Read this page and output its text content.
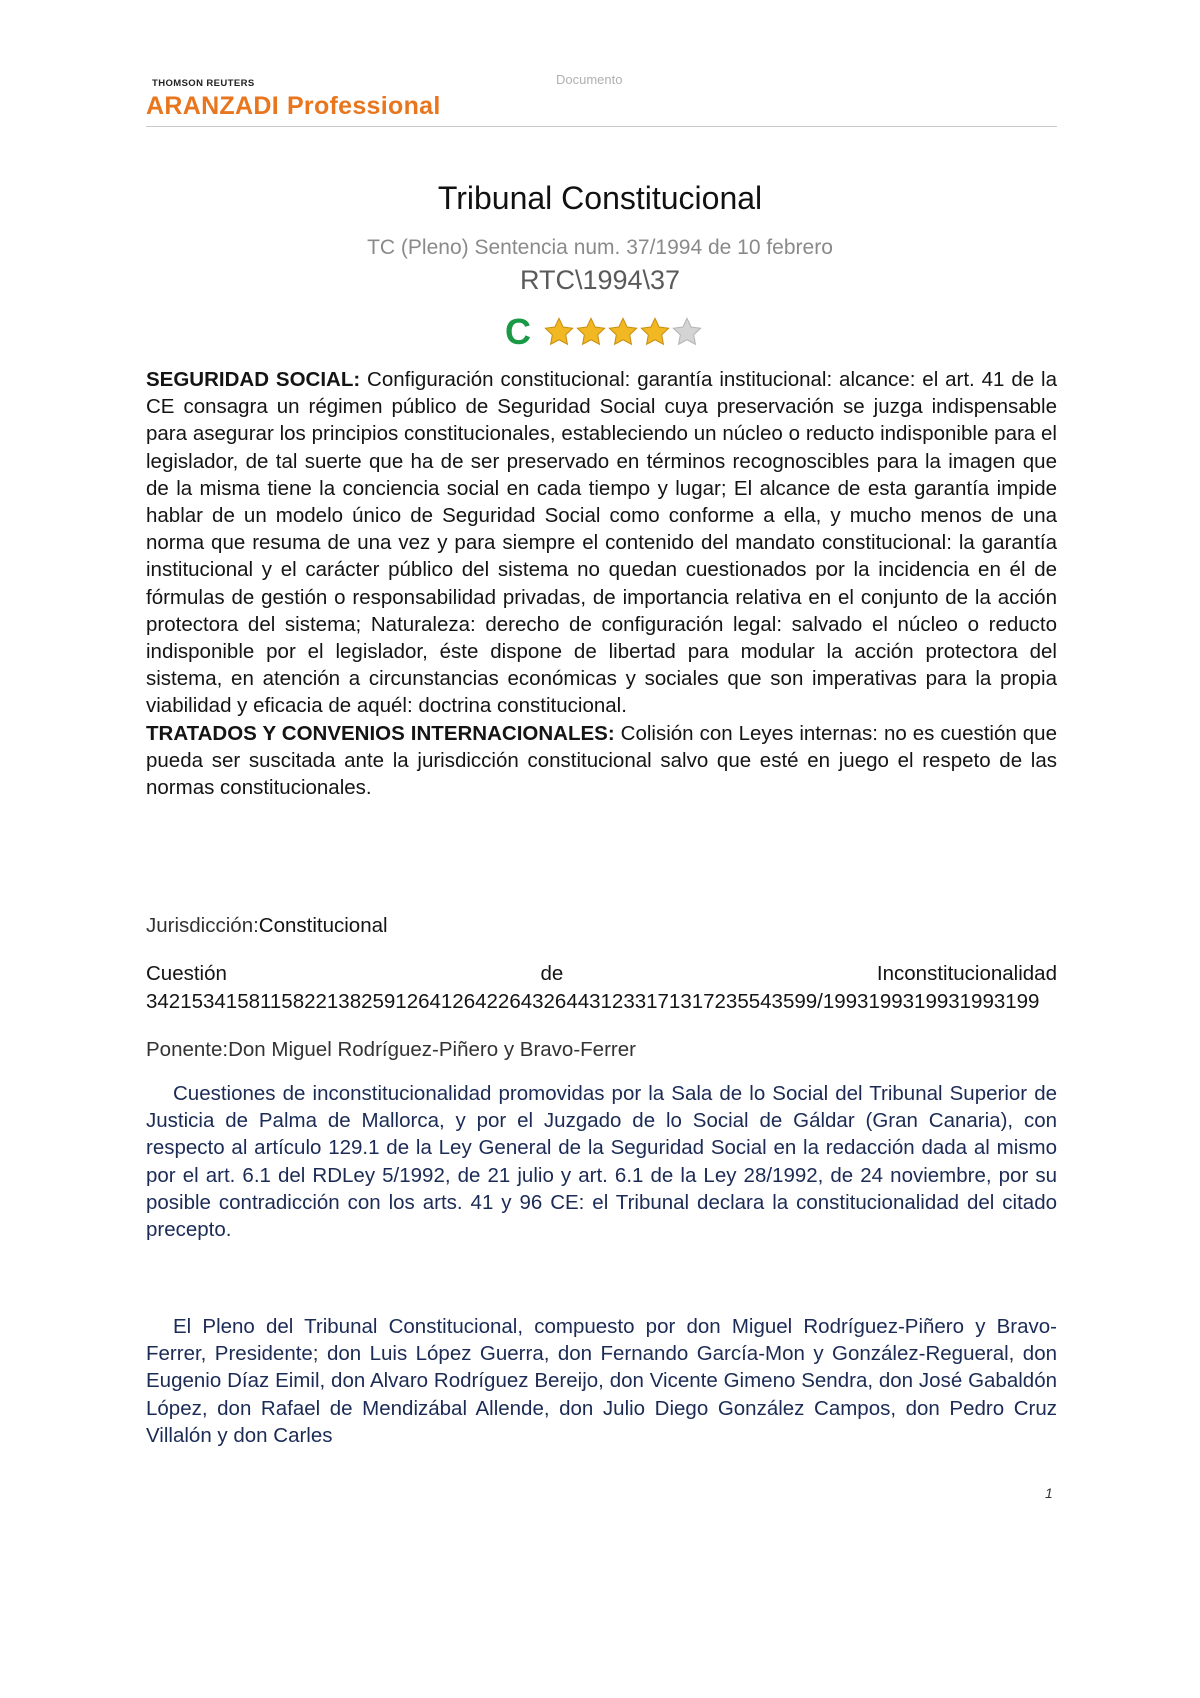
THOMSON REUTERS
ARANZADI Professional
Documento
Tribunal Constitucional
TC (Pleno) Sentencia num. 37/1994 de 10 febrero
RTC\1994\37
C
SEGURIDAD SOCIAL: Configuración constitucional: garantía institucional: alcance: el art. 41 de la CE consagra un régimen público de Seguridad Social cuya preservación se juzga indispensable para asegurar los principios constitucionales, estableciendo un núcleo o reducto indisponible para el legislador, de tal suerte que ha de ser preservado en términos recognoscibles para la imagen que de la misma tiene la conciencia social en cada tiempo y lugar; El alcance de esta garantía impide hablar de un modelo único de Seguridad Social como conforme a ella, y mucho menos de una norma que resuma de una vez y para siempre el contenido del mandato constitucional: la garantía institucional y el carácter público del sistema no quedan cuestionados por la incidencia en él de fórmulas de gestión o responsabilidad privadas, de importancia relativa en el conjunto de la acción protectora del sistema; Naturaleza: derecho de configuración legal: salvado el núcleo o reducto indisponible por el legislador, éste dispone de libertad para modular la acción protectora del sistema, en atención a circunstancias económicas y sociales que son imperativas para la propia viabilidad y eficacia de aquél: doctrina constitucional.
TRATADOS Y CONVENIOS INTERNACIONALES: Colisión con Leyes internas: no es cuestión que pueda ser suscitada ante la jurisdicción constitucional salvo que esté en juego el respeto de las normas constitucionales.
Jurisdicción:Constitucional
Cuestión	de	Inconstitucionalidad
34215341581158221382591264126422643264431233171317235543599/1993199319931993199
Ponente:Don Miguel Rodríguez-Piñero y Bravo-Ferrer
Cuestiones de inconstitucionalidad promovidas por la Sala de lo Social del Tribunal Superior de Justicia de Palma de Mallorca, y por el Juzgado de lo Social de Gáldar (Gran Canaria), con respecto al artículo 129.1 de la Ley General de la Seguridad Social en la redacción dada al mismo por el art. 6.1 del RDLey 5/1992, de 21 julio y art. 6.1 de la Ley 28/1992, de 24 noviembre, por su posible contradicción con los arts. 41 y 96 CE: el Tribunal declara la constitucionalidad del citado precepto.
El Pleno del Tribunal Constitucional, compuesto por don Miguel Rodríguez-Piñero y Bravo-Ferrer, Presidente; don Luis López Guerra, don Fernando García-Mon y González-Regueral, don Eugenio Díaz Eimil, don Alvaro Rodríguez Bereijo, don Vicente Gimeno Sendra, don José Gabaldón López, don Rafael de Mendizábal Allende, don Julio Diego González Campos, don Pedro Cruz Villalón y don Carles
1
